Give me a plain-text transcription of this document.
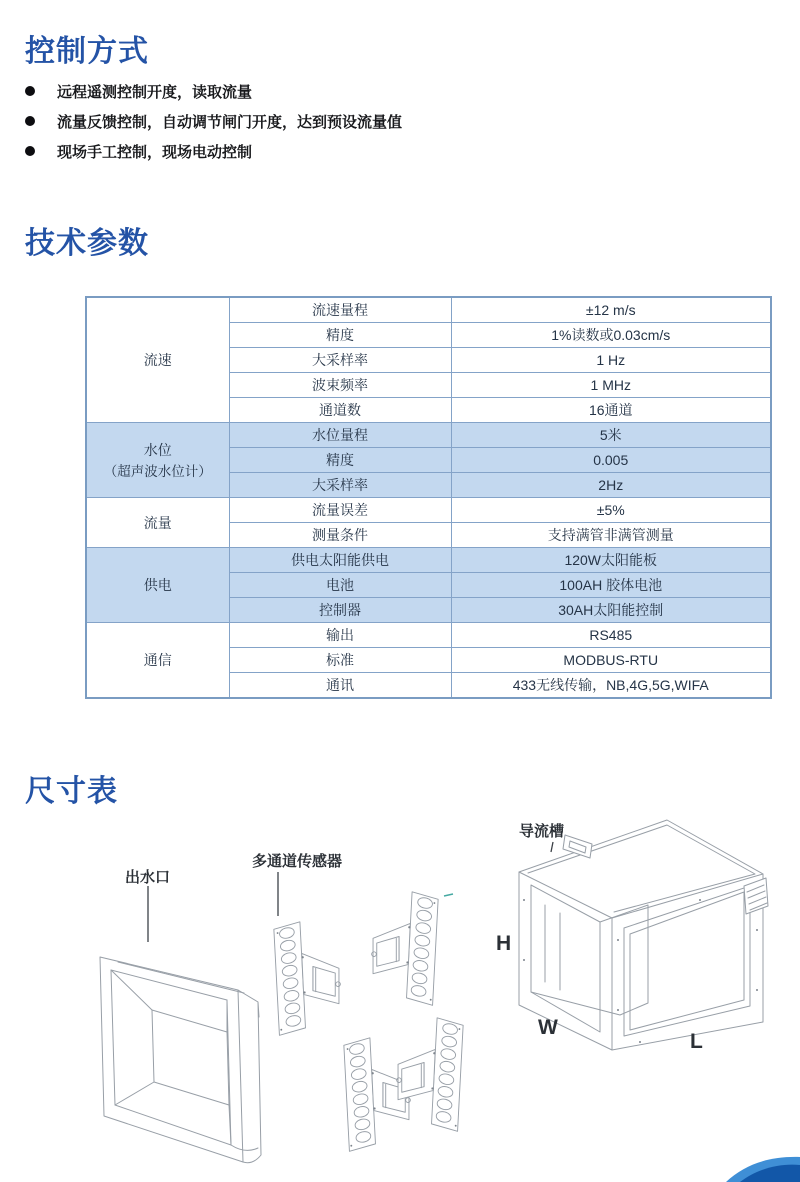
控制方式
远程遥测控制开度，读取流量
流量反馈控制，自动调节闸门开度，达到预设流量值
现场手工控制，现场电动控制
技术参数
流速	流速量程	±12 m/s
	精度	1%读数或0.03cm/s
	大采样率	1 Hz
	波束频率	1 MHz
	通道数	16通道

水位
（超声波水位计）	水位量程	5米
	精度	0.005
	大采样率	2Hz

流量	流量误差	±5%
	测量条件	支持满管非满管测量

供电	供电太阳能供电	120W太阳能板
	电池	100AH 胶体电池
	控制器	30AH太阳能控制

通信	输出	RS485
	标准	MODBUS-RTU
	通讯	433无线传输，NB,4G,5G,WIFA
尺寸表
出水口
多通道传感器
导流槽
H
W
L
